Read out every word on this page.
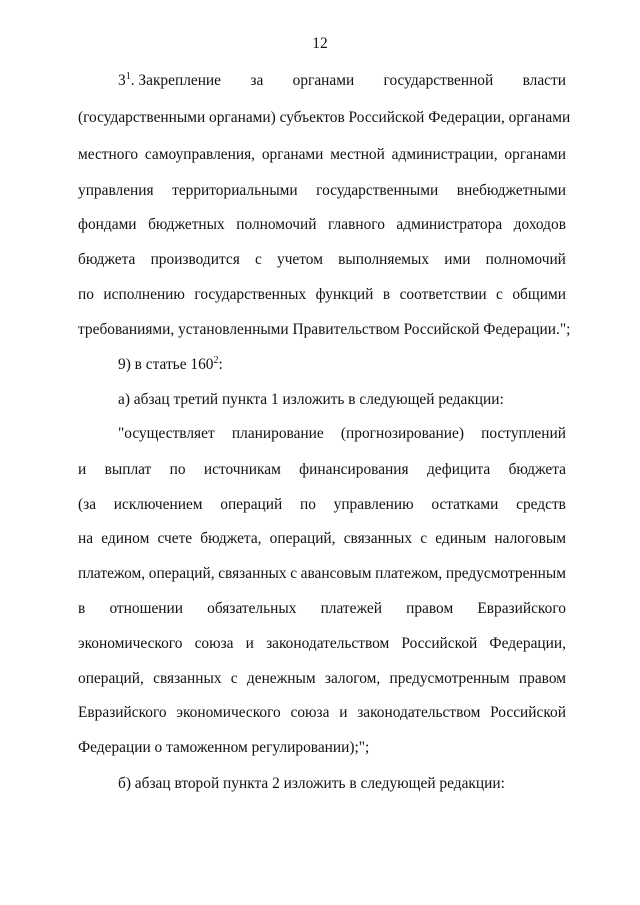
12
$3^1$. Закрепление за органами государственной власти
(государственными органами) субъектов Российской Федерации, органами
местного самоуправления, органами местной администрации, органами
управления территориальными государственными внебюджетными
фондами бюджетных полномочий главного администратора доходов
бюджета производится с учетом выполняемых ими полномочий
по исполнению государственных функций в соответствии с общими
требованиями, установленными Правительством Российской Федерации.";
9) в статье $160^2$:
а) абзац третий пункта 1 изложить в следующей редакции:
"осуществляет планирование (прогнозирование) поступлений
и выплат по источникам финансирования дефицита бюджета
(за исключением операций по управлению остатками средств
на едином счете бюджета, операций, связанных с единым налоговым
платежом, операций, связанных с авансовым платежом, предусмотренным
в отношении обязательных платежей правом Евразийского
экономического союза и законодательством Российской Федерации,
операций, связанных с денежным залогом, предусмотренным правом
Евразийского экономического союза и законодательством Российской
Федерации о таможенном регулировании);";
б) абзац второй пункта 2 изложить в следующей редакции:
